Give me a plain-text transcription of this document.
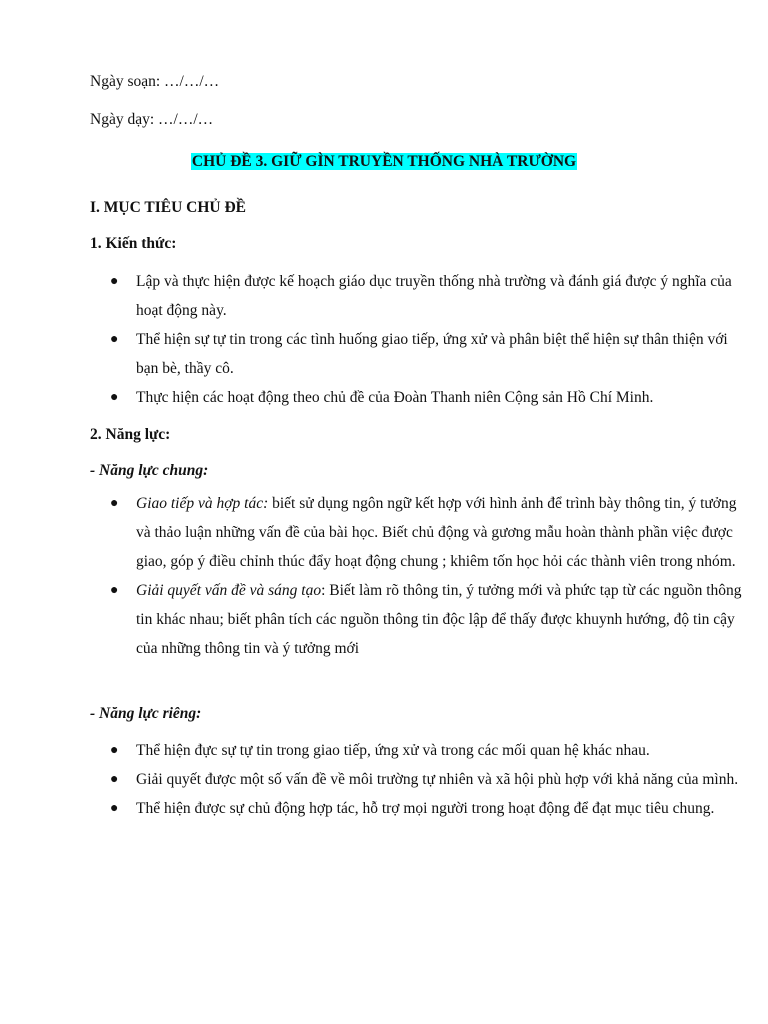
Ngày soạn: …/…/…
Ngày dạy: …/…/…
CHỦ ĐỀ 3. GIỮ GÌN TRUYỀN THỐNG NHÀ TRƯỜNG
I. MỤC TIÊU CHỦ ĐỀ
1. Kiến thức:
● Lập và thực hiện được kế hoạch giáo dục truyền thống nhà trường và đánh giá được ý nghĩa của hoạt động này.
● Thể hiện sự tự tin trong các tình huống giao tiếp, ứng xử và phân biệt thể hiện sự thân thiện với bạn bè, thầy cô.
● Thực hiện các hoạt động theo chủ đề của Đoàn Thanh niên Cộng sản Hồ Chí Minh.
2. Năng lực:
- Năng lực chung:
● Giao tiếp và hợp tác: biết sử dụng ngôn ngữ kết hợp với hình ảnh để trình bày thông tin, ý tưởng và thảo luận những vấn đề của bài học. Biết chủ động và gương mẫu hoàn thành phần việc được giao, góp ý điều chỉnh thúc đẩy hoạt động chung ; khiêm tốn học hỏi các thành viên trong nhóm.
● Giải quyết vấn đề và sáng tạo: Biết làm rõ thông tin, ý tưởng mới và phức tạp từ các nguồn thông tin khác nhau; biết phân tích các nguồn thông tin độc lập để thấy được khuynh hướng, độ tin cậy của những thông tin và ý tưởng mới
- Năng lực riêng:
● Thể hiện đực sự tự tin trong giao tiếp, ứng xử và trong các mối quan hệ khác nhau.
● Giải quyết được một số vấn đề về môi trường tự nhiên và xã hội phù hợp với khả năng của mình.
● Thể hiện được sự chủ động hợp tác, hỗ trợ mọi người trong hoạt động để đạt mục tiêu chung.
